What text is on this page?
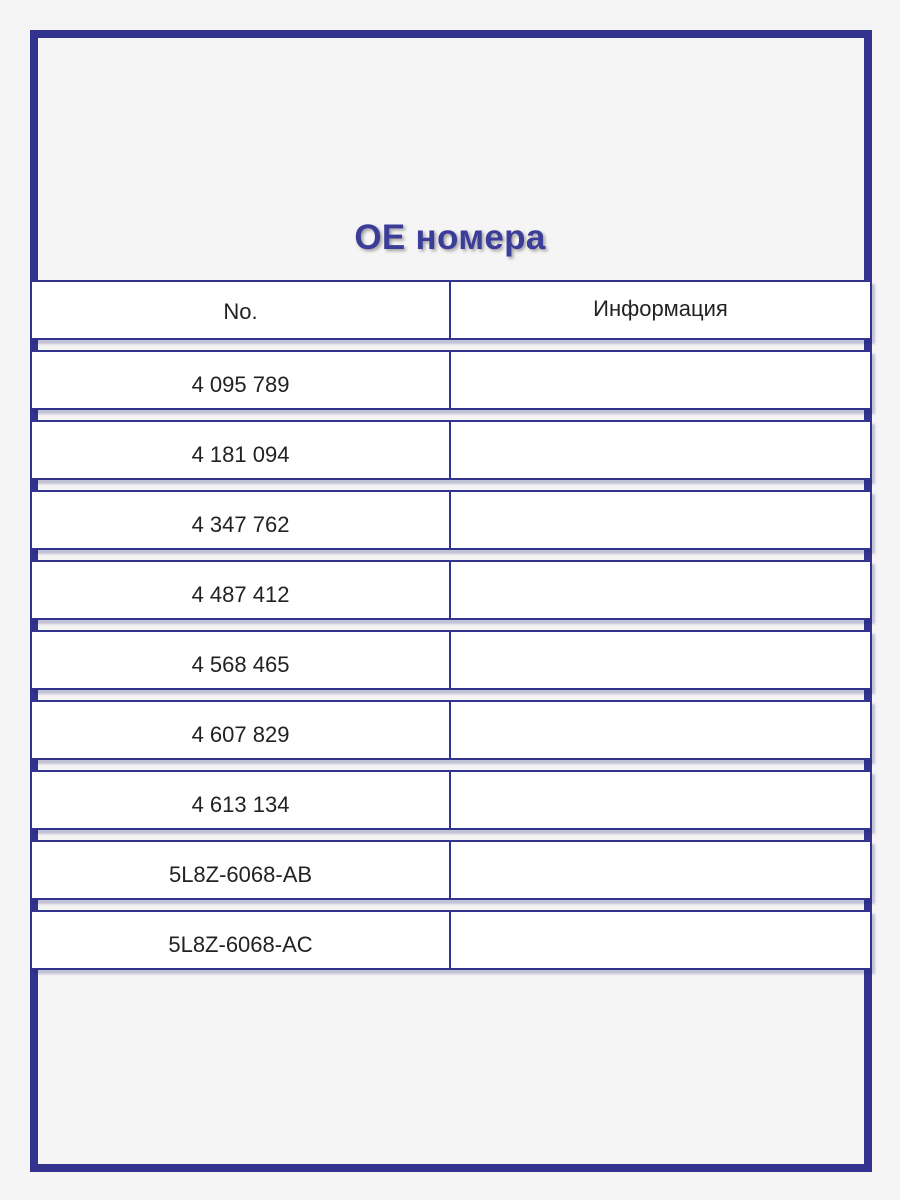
OE номера
No.	Информация
4 095 789
4 181 094
4 347 762
4 487 412
4 568 465
4 607 829
4 613 134
5L8Z-6068-AB
5L8Z-6068-AC
